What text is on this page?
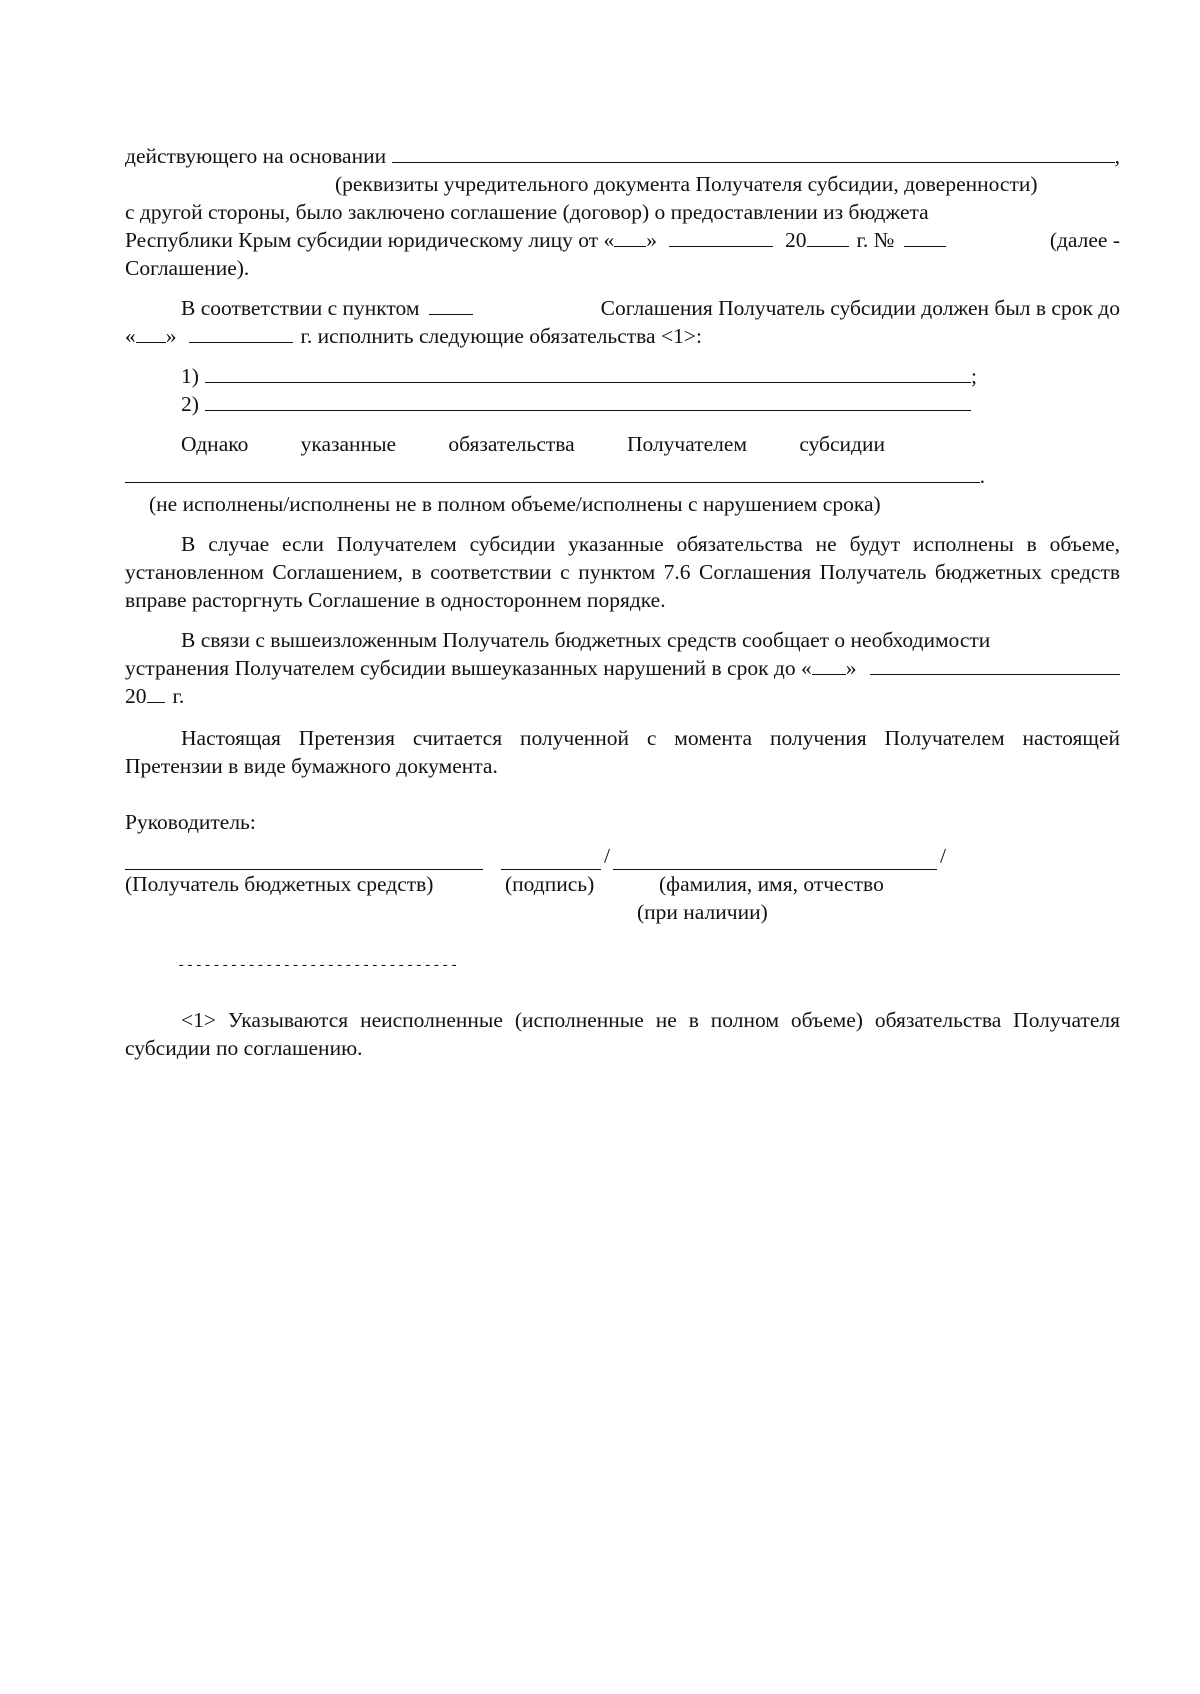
действующего на основании	,
(реквизиты учредительного документа Получателя субсидии, доверенности)
с другой стороны, было заключено соглашение (договор) о предоставлении из бюджета
Республики Крым субсидии юридическому лицу от « »	20 г. №	(далее -
Соглашение).
В соответствии с пунктом	Соглашения Получатель субсидии должен был в срок до
« »	г. исполнить следующие обязательства <1>:
1)	;
2)
Однако указанные обязательства Получателем субсидии
.
(не исполнены/исполнены не в полном объеме/исполнены с нарушением срока)
В случае если Получателем субсидии указанные обязательства не будут исполнены в объеме, установленном Соглашением, в соответствии с пунктом 7.6 Соглашения Получатель бюджетных средств вправе расторгнуть Соглашение в одностороннем порядке.
В связи с вышеизложенным Получатель бюджетных средств сообщает о необходимости
устранения Получателем субсидии вышеуказанных нарушений в срок до « »
20 г.
Настоящая Претензия считается полученной с момента получения Получателем настоящей Претензии в виде бумажного документа.
Руководитель:
/	/
(Получатель бюджетных средств)	(подпись)	(фамилия, имя, отчество
(при наличии)
--------------------------------
<1> Указываются неисполненные (исполненные не в полном объеме) обязательства Получателя субсидии по соглашению.
